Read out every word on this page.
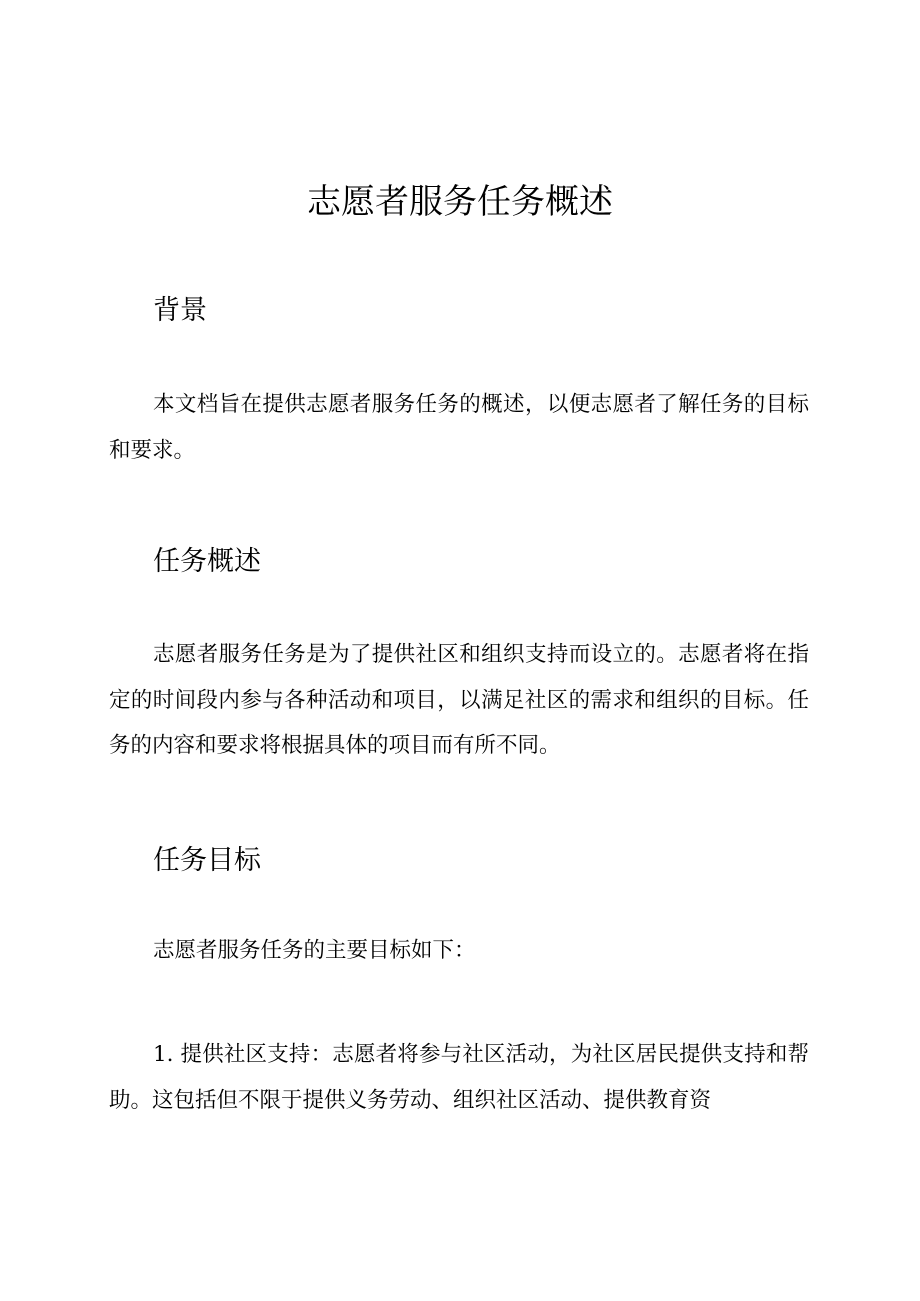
志愿者服务任务概述
背景

本文档旨在提供志愿者服务任务的概述，以便志愿者了解任务的目标和要求。

任务概述

志愿者服务任务是为了提供社区和组织支持而设立的。志愿者将在指定的时间段内参与各种活动和项目，以满足社区的需求和组织的目标。任务的内容和要求将根据具体的项目而有所不同。

任务目标

志愿者服务任务的主要目标如下：

1. 提供社区支持：志愿者将参与社区活动，为社区居民提供支持和帮助。这包括但不限于提供义务劳动、组织社区活动、提供教育资
